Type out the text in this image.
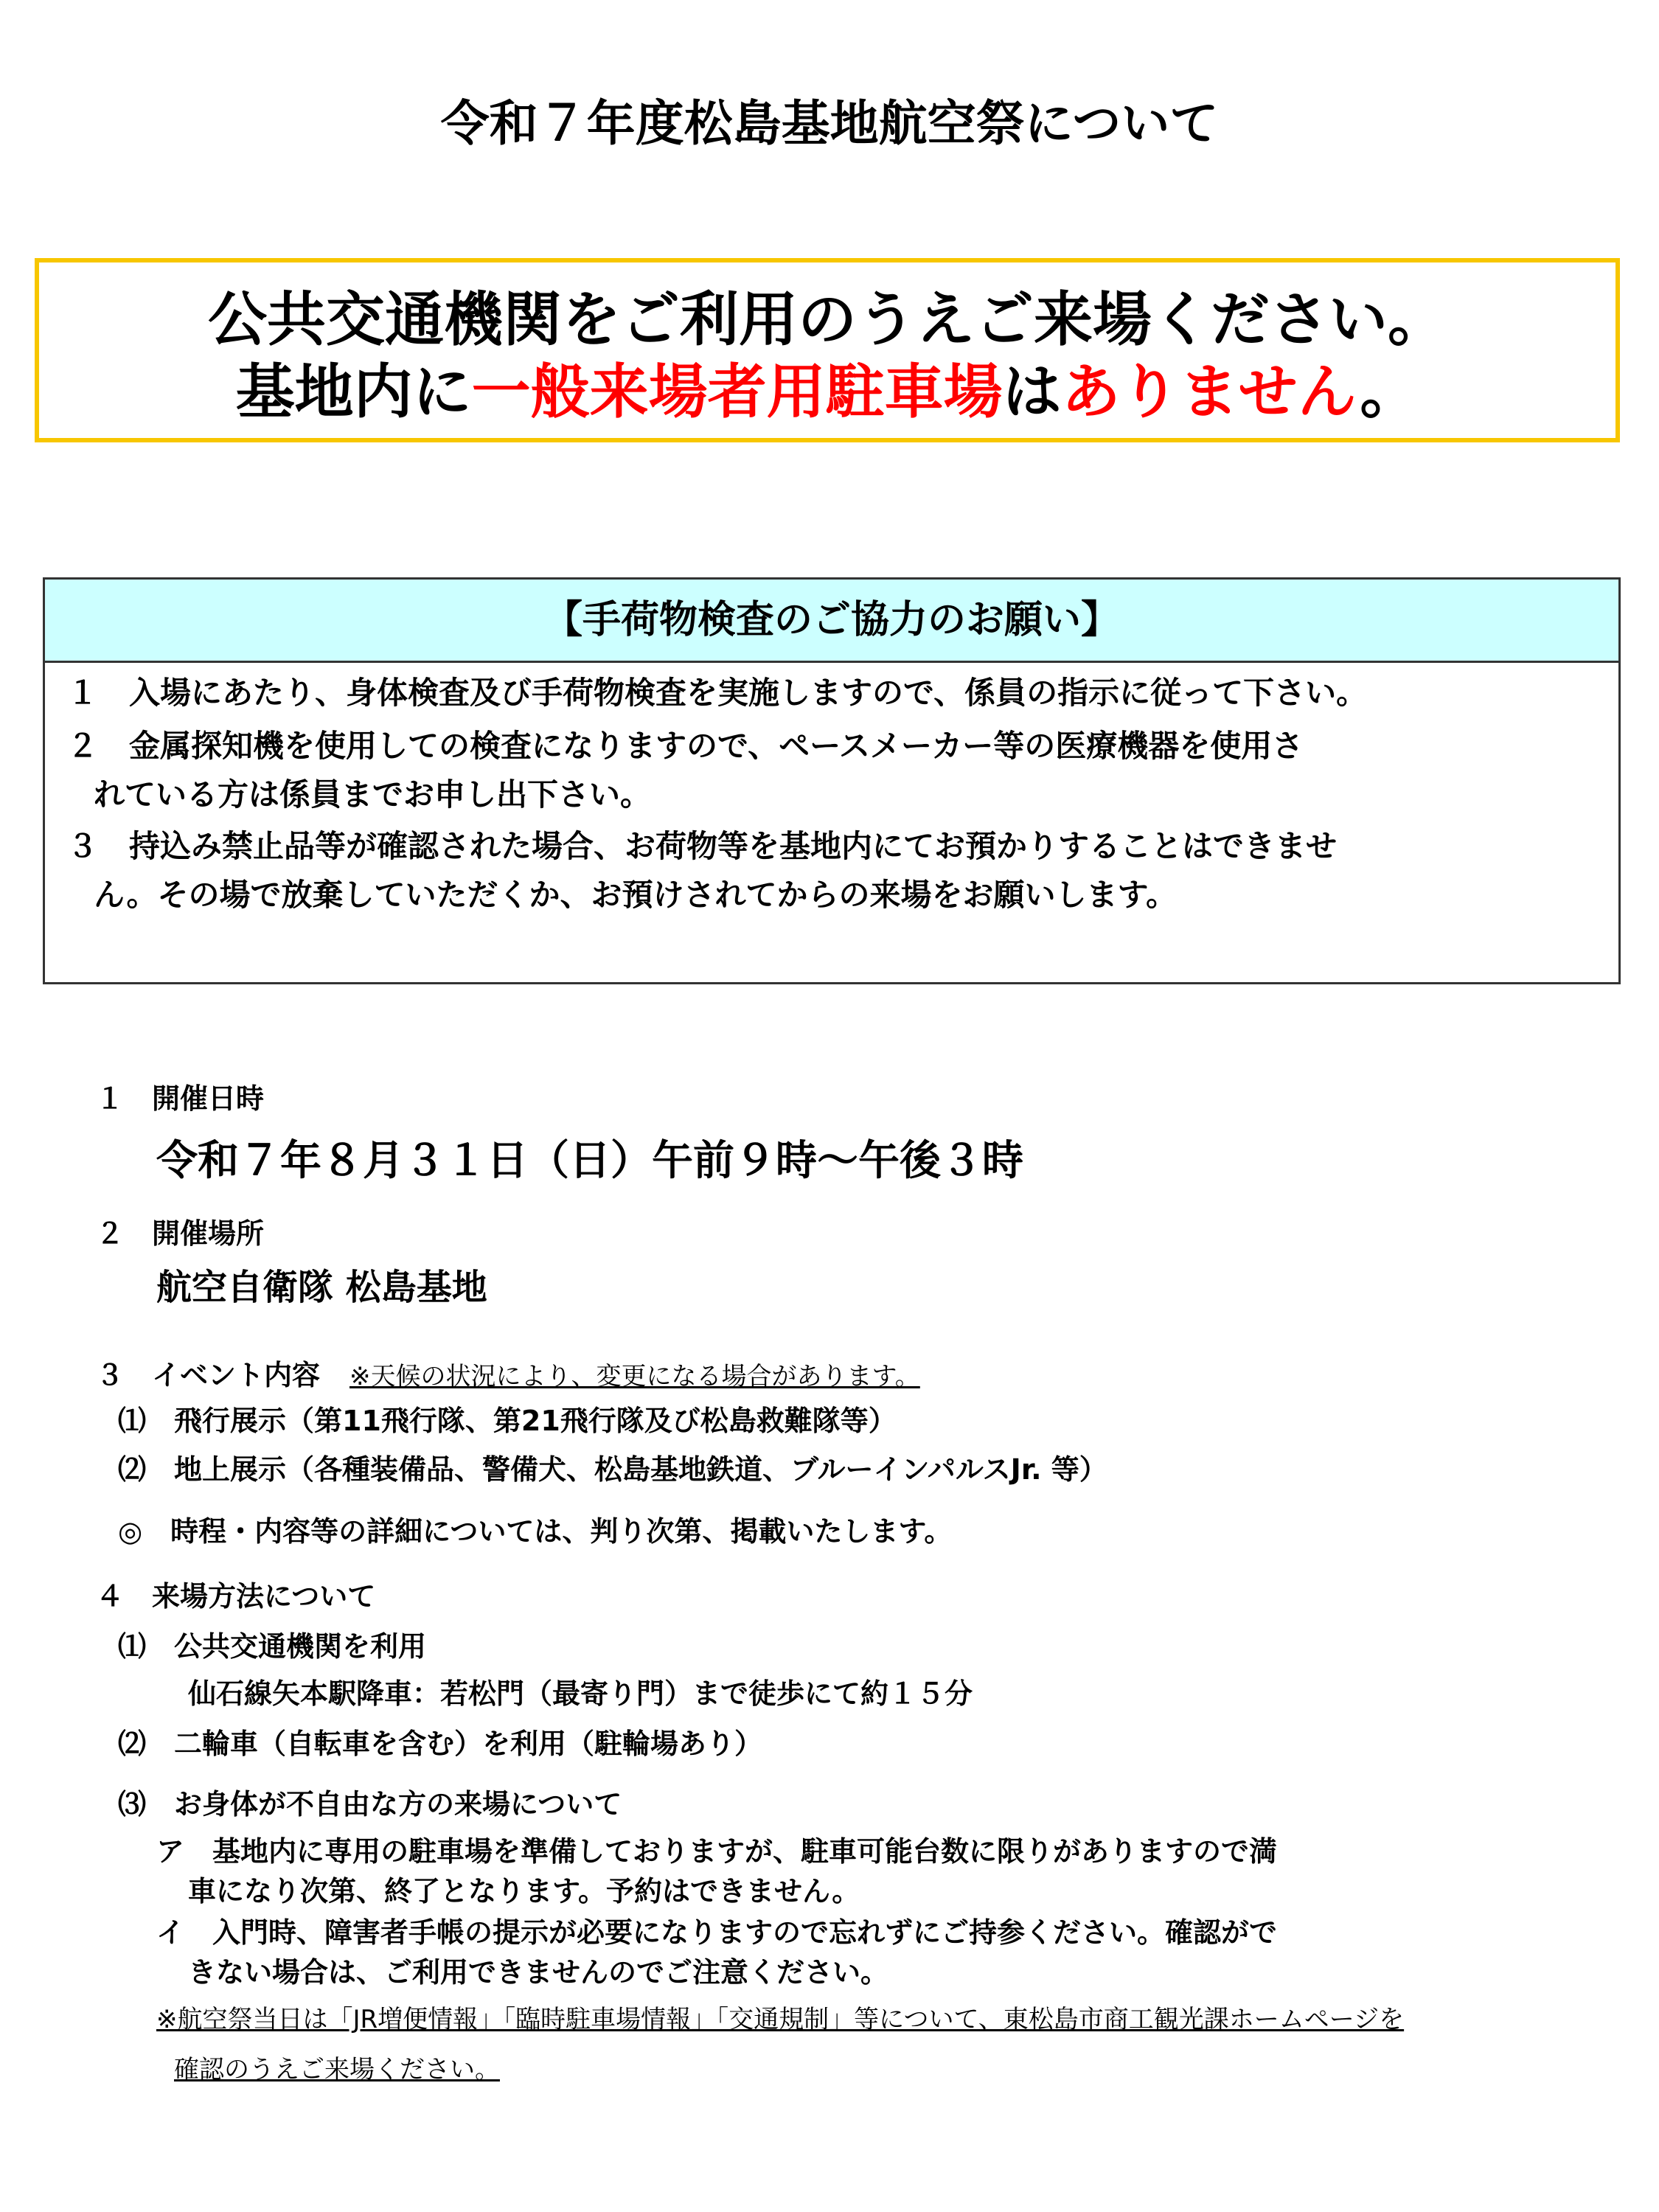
令和７年度松島基地航空祭について
公共交通機関をご利用のうえご来場ください。
基地内に一般来場者用駐車場はありません。
【手荷物検査のご協力のお願い】
１　入場にあたり、身体検査及び手荷物検査を実施しますので、係員の指示に従って下さい。
２　金属探知機を使用しての検査になりますので、ペースメーカー等の医療機器を使用さ
れている方は係員までお申し出下さい。
３　持込み禁止品等が確認された場合、お荷物等を基地内にてお預かりすることはできませ
ん。その場で放棄していただくか、お預けされてからの来場をお願いします。
１　開催日時
令和７年８月３１日（日）午前９時～午後３時
２　開催場所
航空自衛隊 松島基地
３　イベント内容 ※天候の状況により、変更になる場合があります。
⑴　飛行展示（第11飛行隊、第21飛行隊及び松島救難隊等）
⑵　地上展示（各種装備品、警備犬、松島基地鉄道、ブルーインパルスJr. 等）
◎　時程・内容等の詳細については、判り次第、掲載いたします。
４　来場方法について
⑴　公共交通機関を利用
仙石線矢本駅降車：若松門（最寄り門）まで徒歩にて約１５分
⑵　二輪車（自転車を含む）を利用（駐輪場あり）
⑶　お身体が不自由な方の来場について
ア　基地内に専用の駐車場を準備しておりますが、駐車可能台数に限りがありますので満
車になり次第、終了となります。予約はできません。
イ　入門時、障害者手帳の提示が必要になりますので忘れずにご持参ください。確認がで
きない場合は、ご利用できませんのでご注意ください。
※航空祭当日は「JR増便情報」「臨時駐車場情報」「交通規制」等について、東松島市商工観光課ホームページを
確認のうえご来場ください。
